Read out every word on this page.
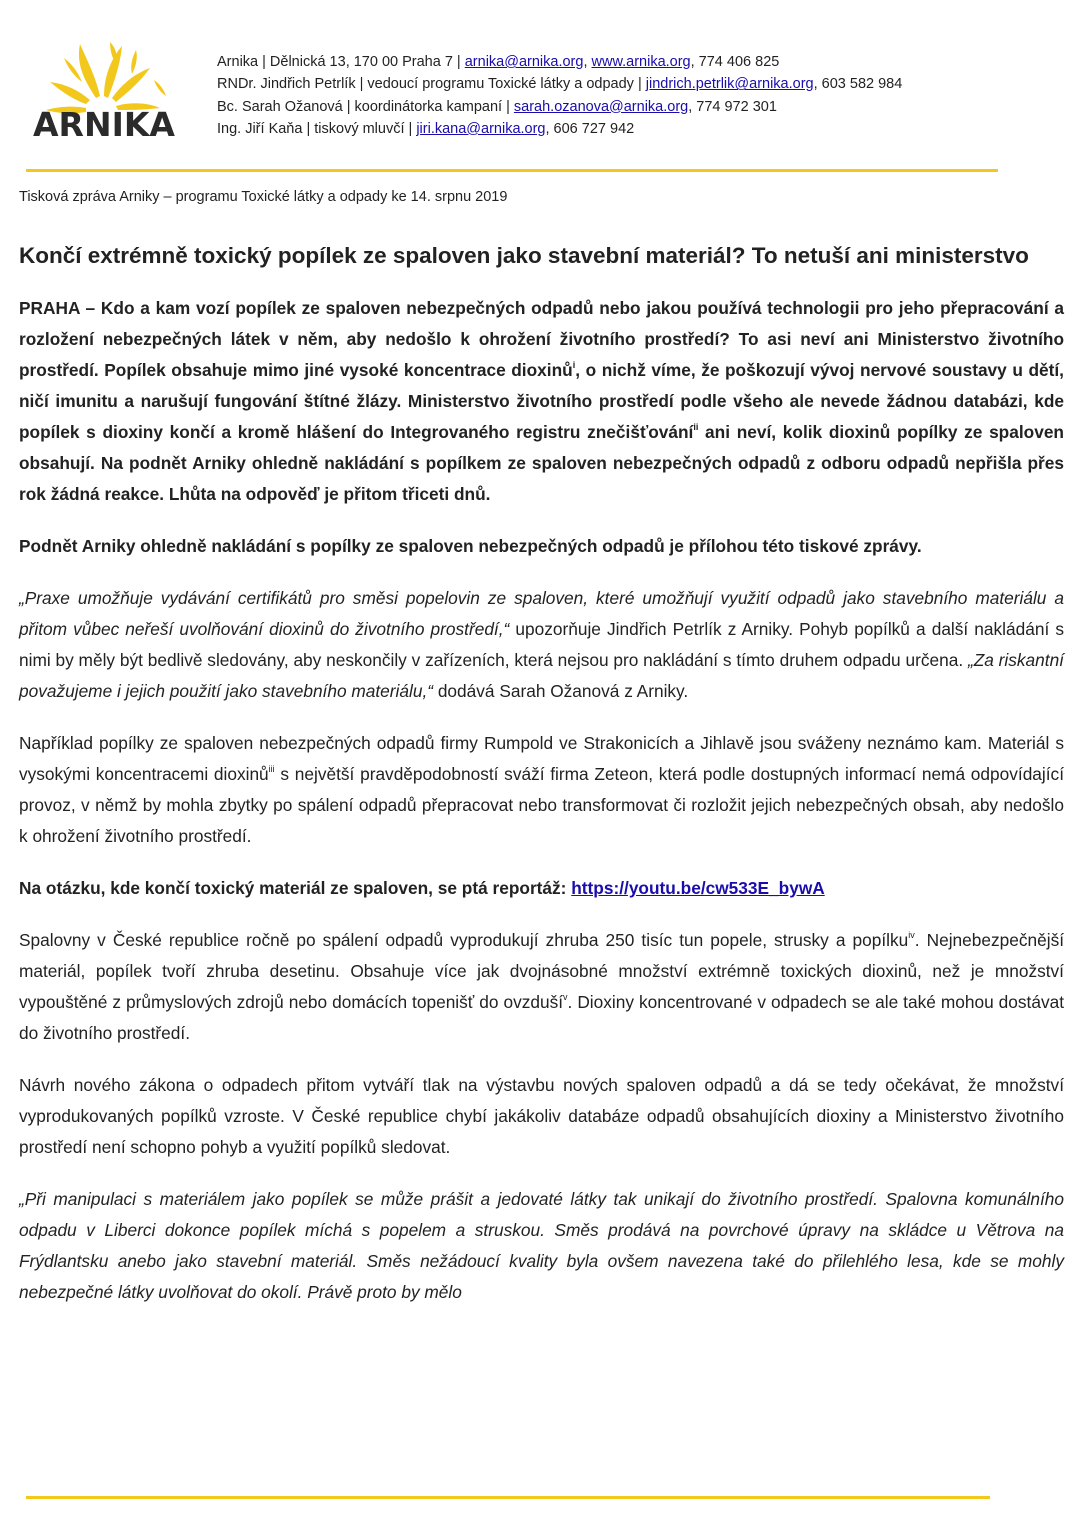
ARNIKA
Arnika | Dělnická 13, 170 00 Praha 7 | arnika@arnika.org, www.arnika.org, 774 406 825
RNDr. Jindřich Petrlík | vedoucí programu Toxické látky a odpady | jindrich.petrlik@arnika.org, 603 582 984
Bc. Sarah Ožanová | koordinátorka kampaní | sarah.ozanova@arnika.org, 774 972 301
Ing. Jiří Kaňa | tiskový mluvčí | jiri.kana@arnika.org, 606 727 942
Tisková zpráva Arniky – programu Toxické látky a odpady ke 14. srpnu 2019
Končí extrémně toxický popílek ze spaloven jako stavební materiál? To netuší ani ministerstvo

PRAHA – Kdo a kam vozí popílek ze spaloven nebezpečných odpadů nebo jakou používá technologii pro jeho přepracování a rozložení nebezpečných látek v něm, aby nedošlo k ohrožení životního prostředí? To asi neví ani Ministerstvo životního prostředí. Popílek obsahuje mimo jiné vysoké koncentrace dioxinů$^i$, o nichž víme, že poškozují vývoj nervové soustavy u dětí, ničí imunitu a narušují fungování štítné žlázy. Ministerstvo životního prostředí podle všeho ale nevede žádnou databázi, kde popílek s dioxiny končí a kromě hlášení do Integrovaného registru znečišťování$^{ii}$ ani neví, kolik dioxinů popílky ze spaloven obsahují. Na podnět Arniky ohledně nakládání s popílkem ze spaloven nebezpečných odpadů z odboru odpadů nepřišla přes rok žádná reakce. Lhůta na odpověď je přitom třiceti dnů.

Podnět Arniky ohledně nakládání s popílky ze spaloven nebezpečných odpadů je přílohou této tiskové zprávy.

„Praxe umožňuje vydávání certifikátů pro směsi popelovin ze spaloven, které umožňují využití odpadů jako stavebního materiálu a přitom vůbec neřeší uvolňování dioxinů do životního prostředí,“ upozorňuje Jindřich Petrlík z Arniky. Pohyb popílků a další nakládání s nimi by měly být bedlivě sledovány, aby neskončily v zařízeních, která nejsou pro nakládání s tímto druhem odpadu určena. „Za riskantní považujeme i jejich použití jako stavebního materiálu,“ dodává Sarah Ožanová z Arniky.

Například popílky ze spaloven nebezpečných odpadů firmy Rumpold ve Strakonicích a Jihlavě jsou sváženy neznámo kam. Materiál s vysokými koncentracemi dioxinů$^{iii}$ s největší pravděpodobností sváží firma Zeteon, která podle dostupných informací nemá odpovídající provoz, v němž by mohla zbytky po spálení odpadů přepracovat nebo transformovat či rozložit jejich nebezpečných obsah, aby nedošlo k ohrožení životního prostředí.

Na otázku, kde končí toxický materiál ze spaloven, se ptá reportáž: https://youtu.be/cw533E_bywA

Spalovny v České republice ročně po spálení odpadů vyprodukují zhruba 250 tisíc tun popele, strusky a popílku$^{iv}$. Nejnebezpečnější materiál, popílek tvoří zhruba desetinu. Obsahuje více jak dvojnásobné množství extrémně toxických dioxinů, než je množství vypouštěné z průmyslových zdrojů nebo domácích topenišť do ovzduší$^v$. Dioxiny koncentrované v odpadech se ale také mohou dostávat do životního prostředí.

Návrh nového zákona o odpadech přitom vytváří tlak na výstavbu nových spaloven odpadů a dá se tedy očekávat, že množství vyprodukovaných popílků vzroste. V České republice chybí jakákoliv databáze odpadů obsahujících dioxiny a Ministerstvo životního prostředí není schopno pohyb a využití popílků sledovat.

„Při manipulaci s materiálem jako popílek se může prášit a jedovaté látky tak unikají do životního prostředí. Spalovna komunálního odpadu v Liberci dokonce popílek míchá s popelem a struskou. Směs prodává na povrchové úpravy na skládce u Větrova na Frýdlantsku anebo jako stavební materiál. Směs nežádoucí kvality byla ovšem navezena také do přilehlého lesa, kde se mohly nebezpečné látky uvolňovat do okolí. Právě proto by mělo
